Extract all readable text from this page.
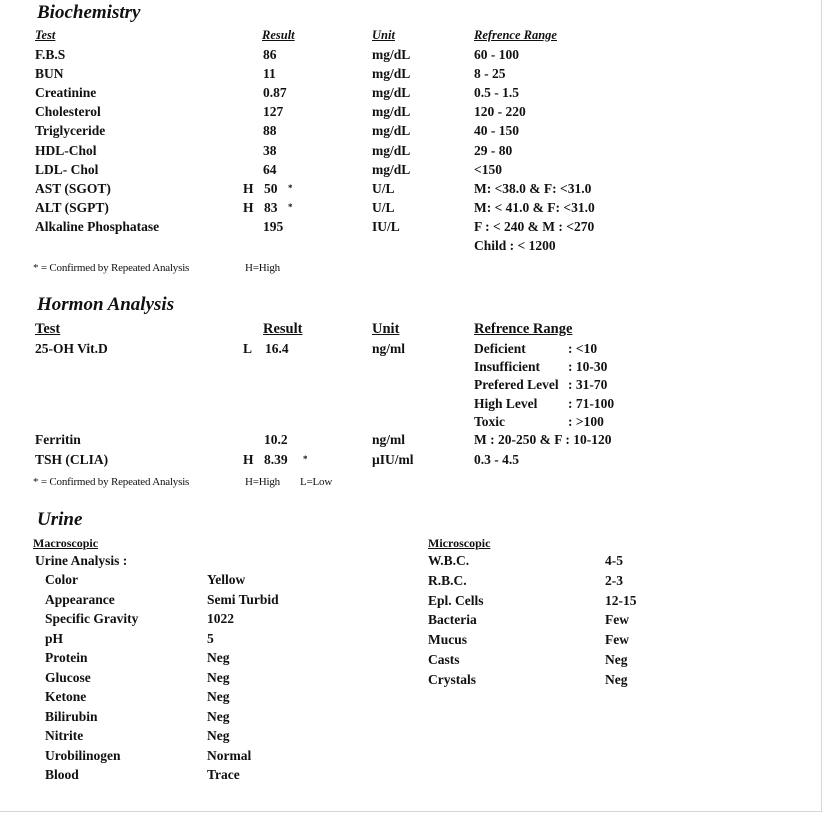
Biochemistry
Test	Result	Unit	Refrence Range
F.B.S	86	mg/dL	60 - 100
BUN	11	mg/dL	8 - 25
Creatinine	0.87	mg/dL	0.5 - 1.5
Cholesterol	127	mg/dL	120 - 220
Triglyceride	88	mg/dL	40 - 150
HDL-Chol	38	mg/dL	29 - 80
LDL- Chol	64	mg/dL	<150
AST (SGOT)	H 50 *	U/L	M: <38.0 & F: <31.0
ALT (SGPT)	H 83 *	U/L	M: < 41.0 & F: <31.0
Alkaline Phosphatase	195	IU/L	F : < 240 & M : <270
Child : < 1200
* = Confirmed by Repeated Analysis	H=High
Hormon Analysis
Test	Result	Unit	Refrence Range
25-OH Vit.D	L 16.4	ng/ml	Deficient	: <10
Insufficient : 10-30
Prefered Level : 31-70
High Level : 71-100
Toxic	: >100
Ferritin	10.2	ng/ml	M : 20-250 & F : 10-120
TSH (CLIA)	H 8.39 *	µIU/ml	0.3 - 4.5
* = Confirmed by Repeated Analysis	H=High L=Low
Urine
Macroscopic	Microscopic
Urine Analysis :
Color	Yellow
Appearance	Semi Turbid
Specific Gravity	1022
pH	5
Protein	Neg
Glucose	Neg
Ketone	Neg
Bilirubin	Neg
Nitrite	Neg
Urobilinogen	Normal
Blood	Trace
W.B.C.	4-5
R.B.C.	2-3
Epl. Cells	12-15
Bacteria	Few
Mucus	Few
Casts	Neg
Crystals	Neg
